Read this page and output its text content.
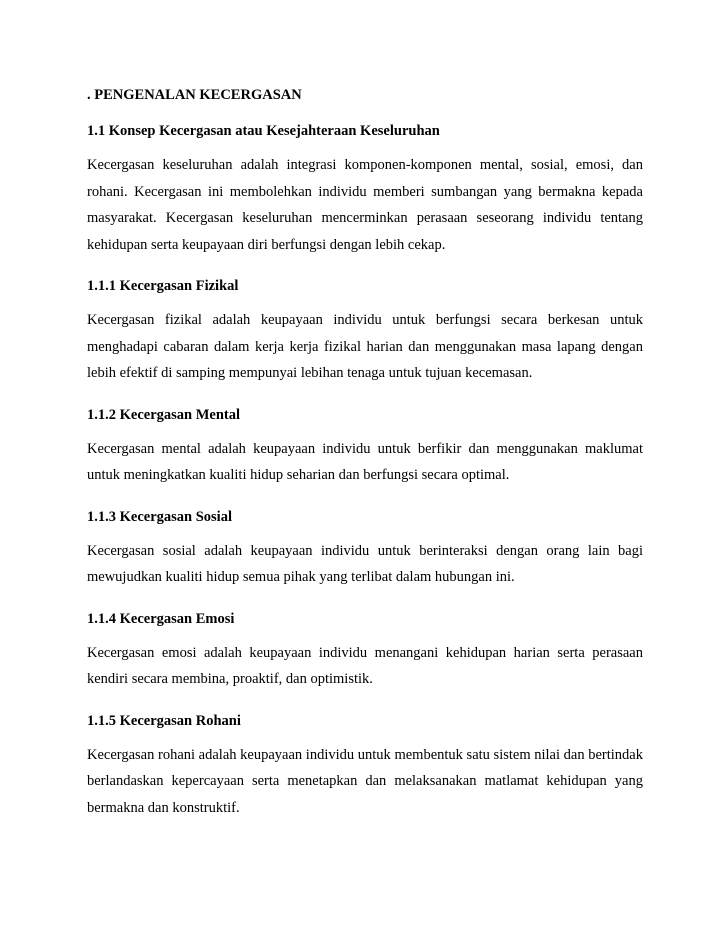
. PENGENALAN KECERGASAN
1.1 Konsep Kecergasan atau Kesejahteraan Keseluruhan

Kecergasan keseluruhan adalah integrasi komponen-komponen mental, sosial, emosi, dan rohani. Kecergasan ini membolehkan individu memberi sumbangan yang bermakna kepada masyarakat. Kecergasan keseluruhan mencerminkan perasaan seseorang individu tentang kehidupan serta keupayaan diri berfungsi dengan lebih cekap.

1.1.1 Kecergasan Fizikal

Kecergasan fizikal adalah keupayaan individu untuk berfungsi secara berkesan untuk menghadapi cabaran dalam kerja kerja fizikal harian dan menggunakan masa lapang dengan lebih efektif di samping mempunyai lebihan tenaga untuk tujuan kecemasan.

1.1.2 Kecergasan Mental

Kecergasan mental adalah keupayaan individu untuk berfikir dan menggunakan maklumat untuk meningkatkan kualiti hidup seharian dan berfungsi secara optimal.

1.1.3 Kecergasan Sosial

Kecergasan sosial adalah keupayaan individu untuk berinteraksi dengan orang lain bagi mewujudkan kualiti hidup semua pihak yang terlibat dalam hubungan ini.

1.1.4 Kecergasan Emosi

Kecergasan emosi adalah keupayaan individu menangani kehidupan harian serta perasaan kendiri secara membina, proaktif, dan optimistik.

1.1.5 Kecergasan Rohani

Kecergasan rohani adalah keupayaan individu untuk membentuk satu sistem nilai dan bertindak berlandaskan kepercayaan serta menetapkan dan melaksanakan matlamat kehidupan yang bermakna dan konstruktif.
